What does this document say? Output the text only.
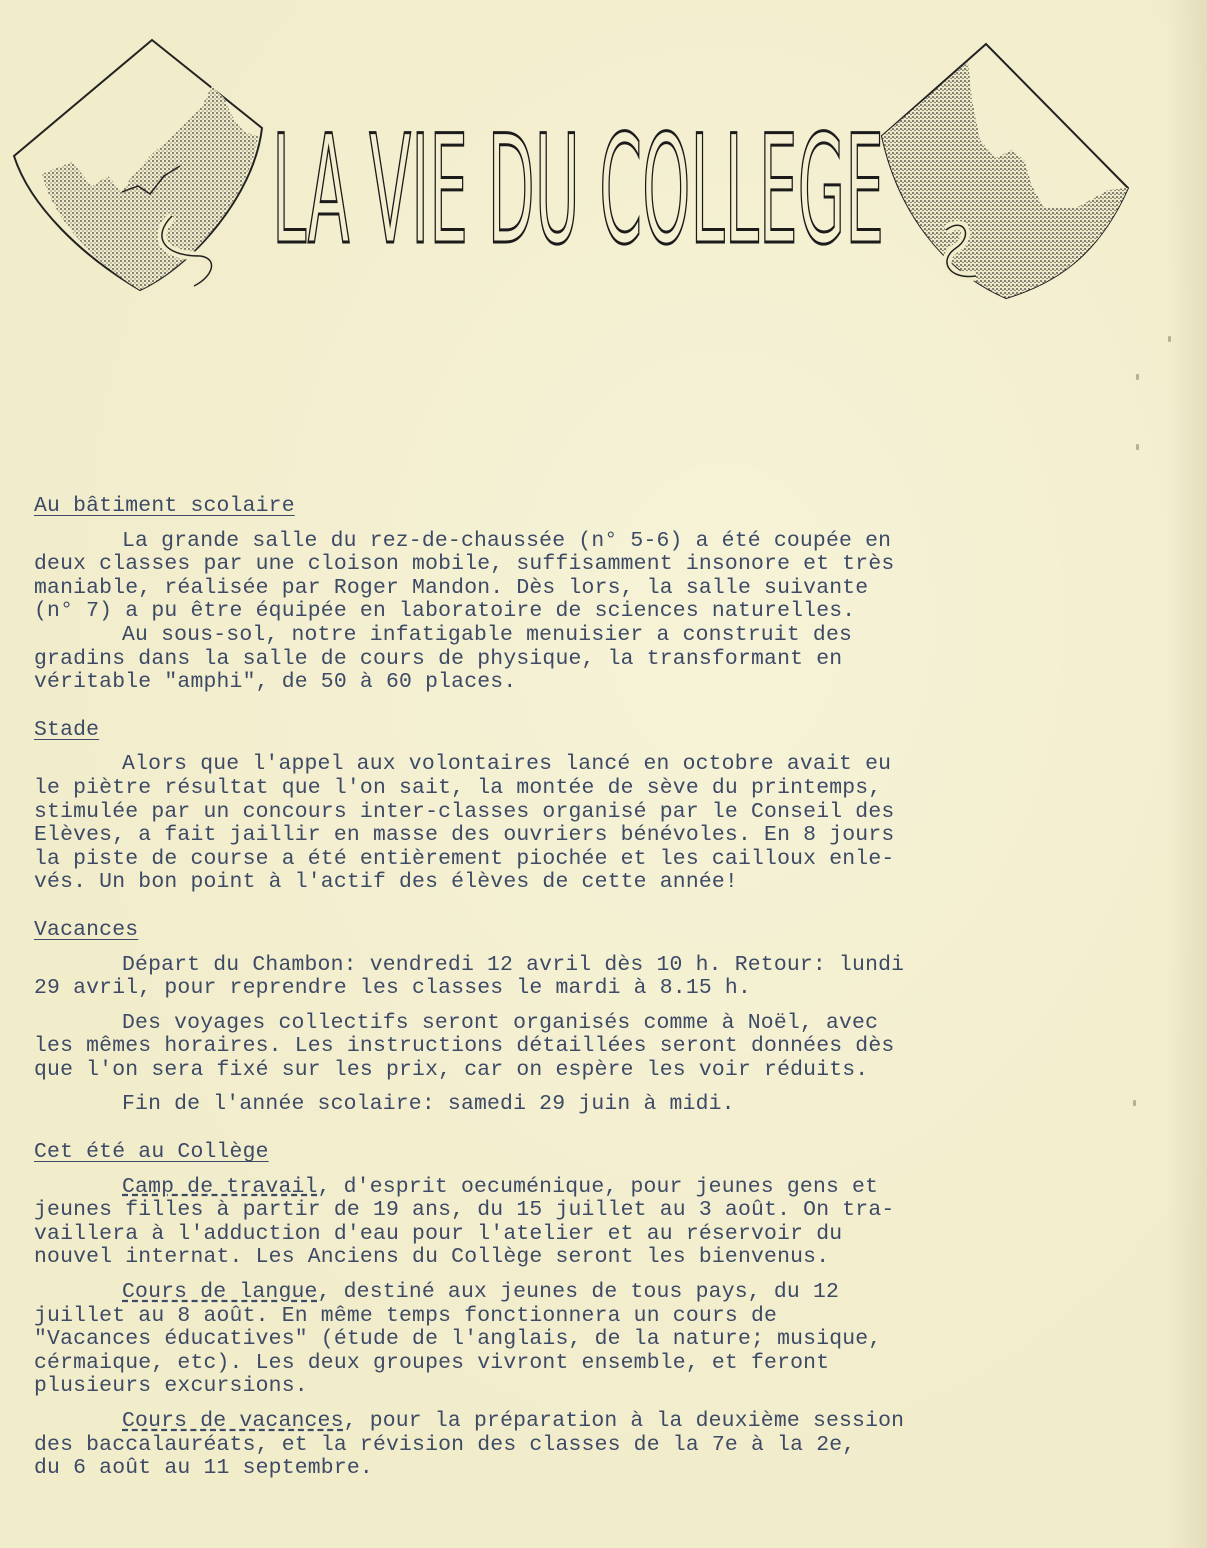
LA VIE DU COLLEGE

Au bâtiment scolaire

La grande salle du rez-de-chaussée (n° 5-6) a été coupée en

deux classes par une cloison mobile, suffisamment insonore et très

maniable, réalisée par Roger Mandon. Dès lors, la salle suivante

(n° 7) a pu être équipée en laboratoire de sciences naturelles.

Au sous-sol, notre infatigable menuisier a construit des

gradins dans la salle de cours de physique, la transformant en

véritable "amphi", de 50 à 60 places.

Stade

Alors que l'appel aux volontaires lancé en octobre avait eu

le piètre résultat que l'on sait, la montée de sève du printemps,

stimulée par un concours inter-classes organisé par le Conseil des

Elèves, a fait jaillir en masse des ouvriers bénévoles. En 8 jours

la piste de course a été entièrement piochée et les cailloux enle-

vés. Un bon point à l'actif des élèves de cette année!

Vacances

Départ du Chambon: vendredi 12 avril dès 10 h. Retour: lundi

29 avril, pour reprendre les classes le mardi à 8.15 h.

Des voyages collectifs seront organisés comme à Noël, avec

les mêmes horaires. Les instructions détaillées seront données dès

que l'on sera fixé sur les prix, car on espère les voir réduits.

Fin de l'année scolaire: samedi 29 juin à midi.

Cet été au Collège

Camp de travail, d'esprit oecuménique, pour jeunes gens et

jeunes filles à partir de 19 ans, du 15 juillet au 3 août. On tra-

vaillera à l'adduction d'eau pour l'atelier et au réservoir du

nouvel internat. Les Anciens du Collège seront les bienvenus.

Cours de langue, destiné aux jeunes de tous pays, du 12

juillet au 8 août. En même temps fonctionnera un cours de

"Vacances éducatives" (étude de l'anglais, de la nature; musique,

cérmaique, etc). Les deux groupes vivront ensemble, et feront

plusieurs excursions.

Cours de vacances, pour la préparation à la deuxième session

des baccalauréats, et la révision des classes de la 7e à la 2e,

du 6 août au 11 septembre.
